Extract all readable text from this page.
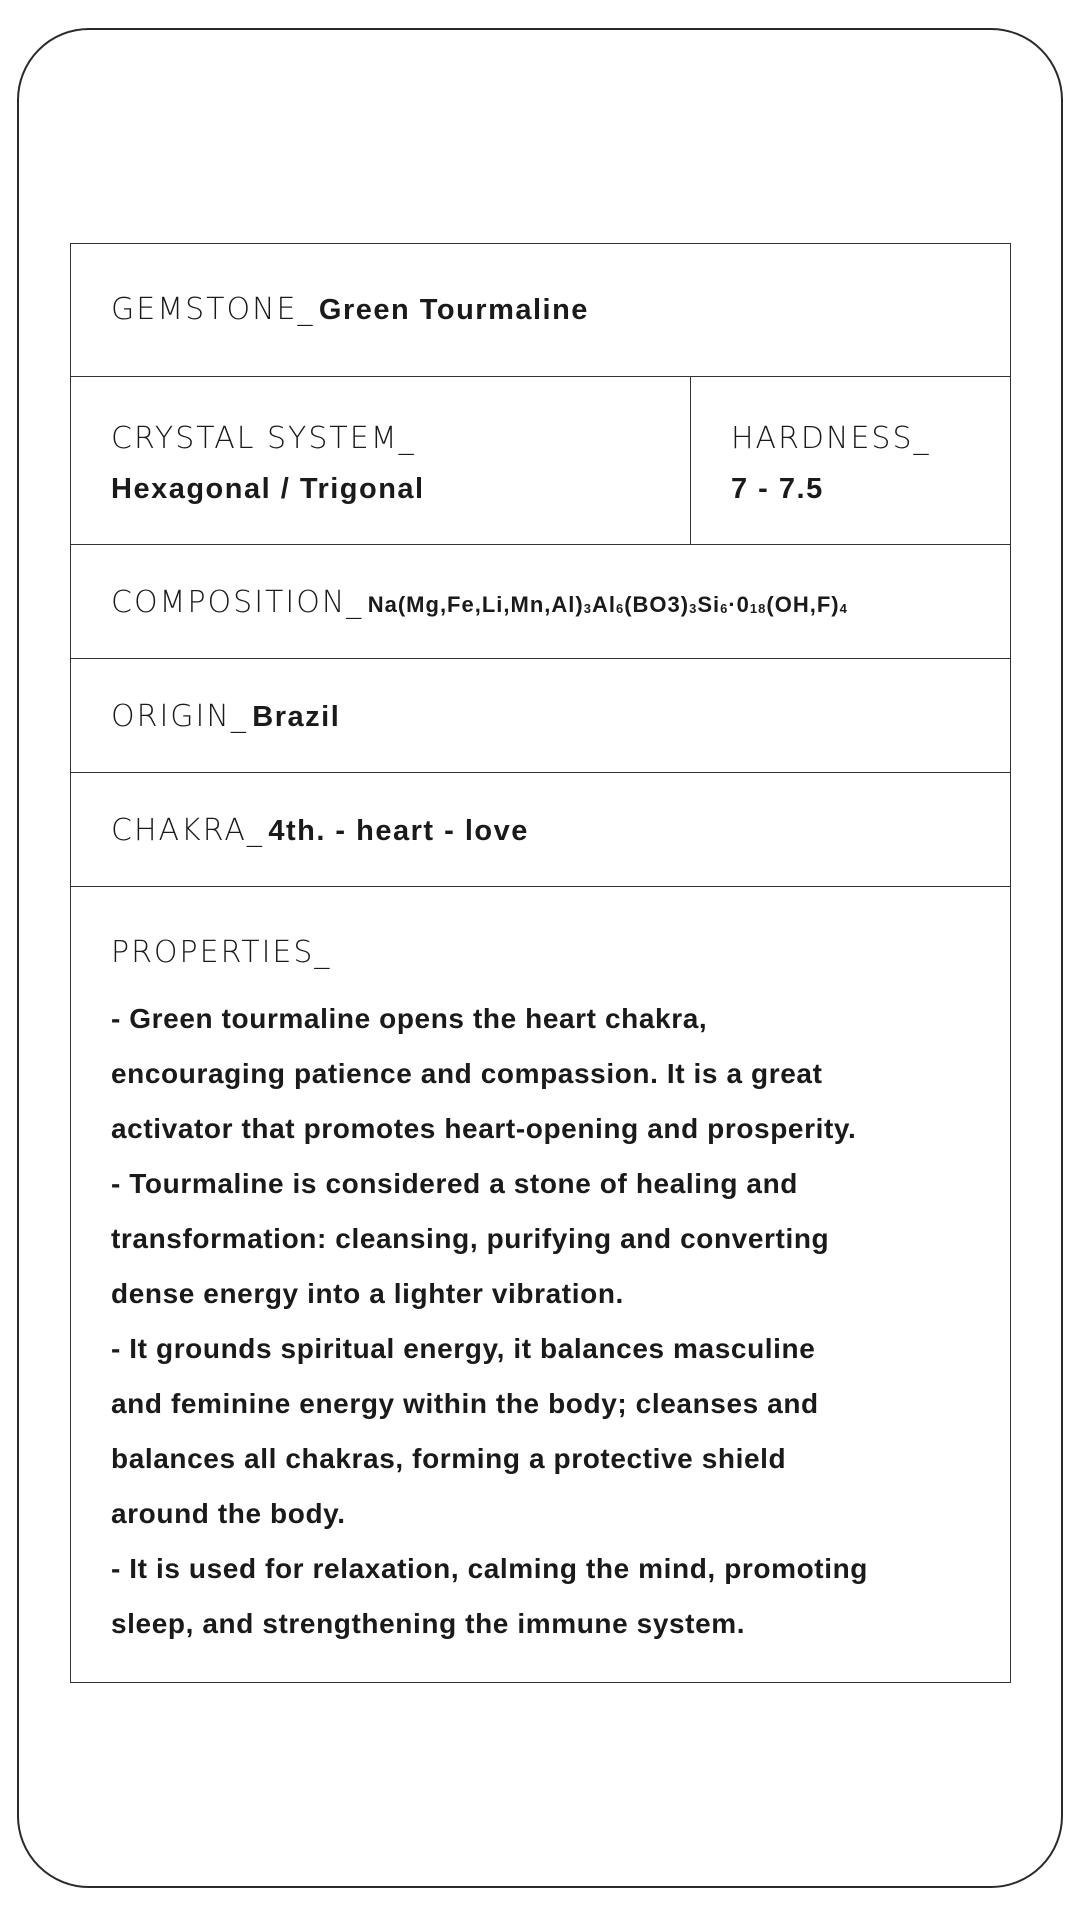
GEMSTONE_ Green Tourmaline
CRYSTAL SYSTEM_
Hexagonal / Trigonal
HARDNESS_
7 - 7.5
COMPOSITION_ $Na(Mg,Fe,Li,Mn,Al)_3Al_6(BO3)_3Si_6\cdot 0_{18}(OH,F)_4$
ORIGIN_ Brazil
CHAKRA_ 4th. - heart - love
PROPERTIES_
- Green tourmaline opens the heart chakra,
encouraging patience and compassion. It is a great
activator that promotes heart-opening and prosperity.
- Tourmaline is considered a stone of healing and
transformation: cleansing, purifying and converting
dense energy into a lighter vibration.
- It grounds spiritual energy, it balances masculine
and feminine energy within the body; cleanses and
balances all chakras, forming a protective shield
around the body.
- It is used for relaxation, calming the mind, promoting
sleep, and strengthening the immune system.
